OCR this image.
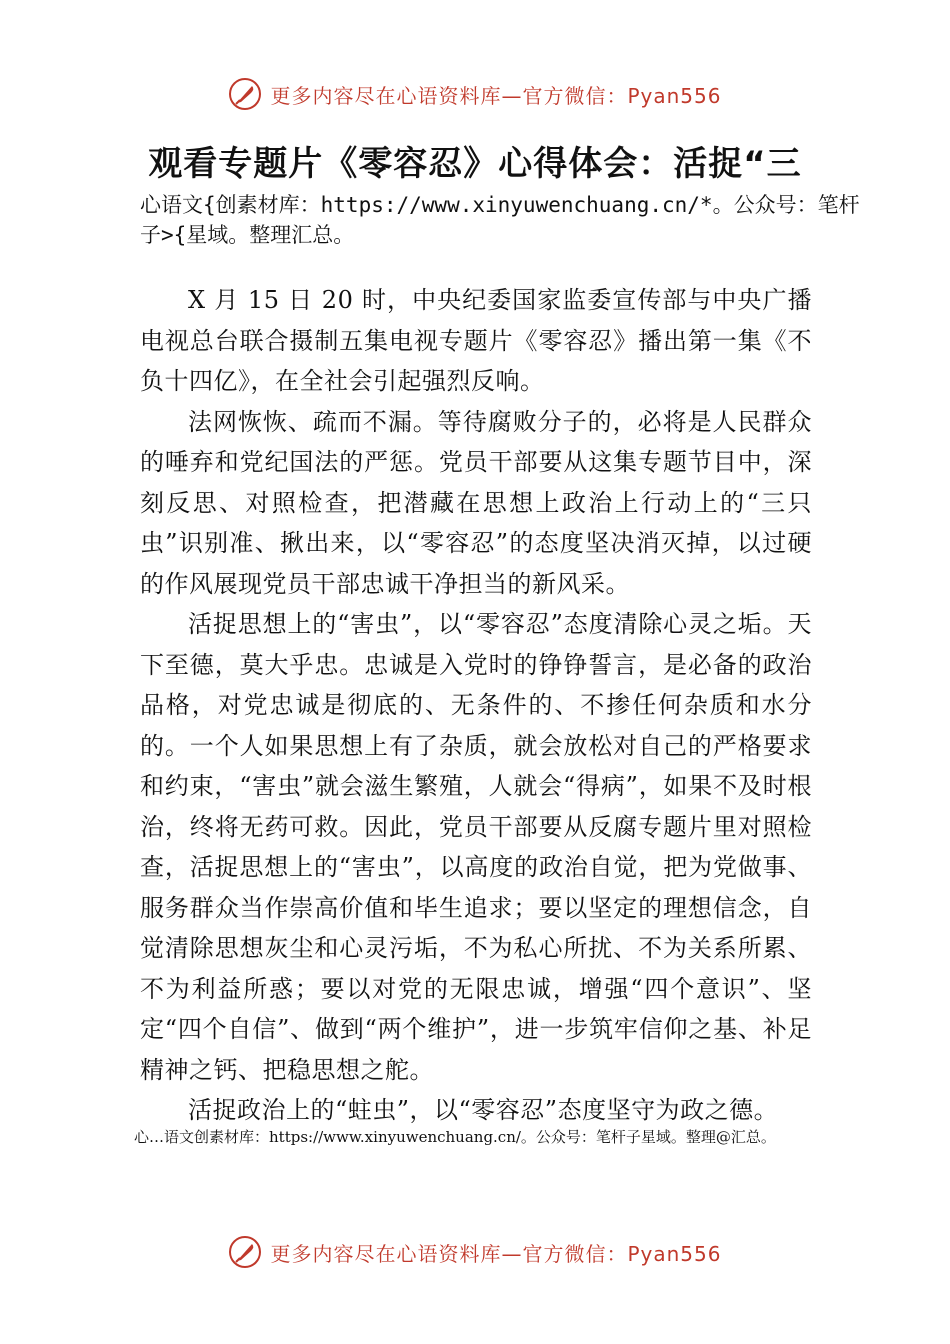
更多内容尽在心语资料库—官方微信：Pyan556
观看专题片《零容忍》心得体会：活捉“三

心语文{创素材库：https://www.xinyuwenchuang.cn/*。公众号：笔杆子>{星域。整理汇总。

X 月 15 日 20 时，中央纪委国家监委宣传部与中央广播电视总台联合摄制五集电视专题片《零容忍》播出第一集《不负十四亿》，在全社会引起强烈反响。

法网恢恢、疏而不漏。等待腐败分子的，必将是人民群众的唾弃和党纪国法的严惩。党员干部要从这集专题节目中，深刻反思、对照检查，把潜藏在思想上政治上行动上的“三只虫”识别准、揪出来，以“零容忍”的态度坚决消灭掉，以过硬的作风展现党员干部忠诚干净担当的新风采。

活捉思想上的“害虫”，以“零容忍”态度清除心灵之垢。天下至德，莫大乎忠。忠诚是入党时的铮铮誓言，是必备的政治品格，对党忠诚是彻底的、无条件的、不掺任何杂质和水分的。一个人如果思想上有了杂质，就会放松对自己的严格要求和约束，“害虫”就会滋生繁殖，人就会“得病”，如果不及时根治，终将无药可救。因此，党员干部要从反腐专题片里对照检查，活捉思想上的“害虫”，以高度的政治自觉，把为党做事、服务群众当作崇高价值和毕生追求；要以坚定的理想信念，自觉清除思想灰尘和心灵污垢，不为私心所扰、不为关系所累、不为利益所惑；要以对党的无限忠诚，增强“四个意识”、坚定“四个自信”、做到“两个维护”，进一步筑牢信仰之基、补足精神之钙、把稳思想之舵。

活捉政治上的“蛀虫”，以“零容忍”态度坚守为政之德。

心…语文创素材库：https://www.xinyuwenchuang.cn/。公众号：笔杆子星域。整理@汇总。
更多内容尽在心语资料库—官方微信：Pyan556
